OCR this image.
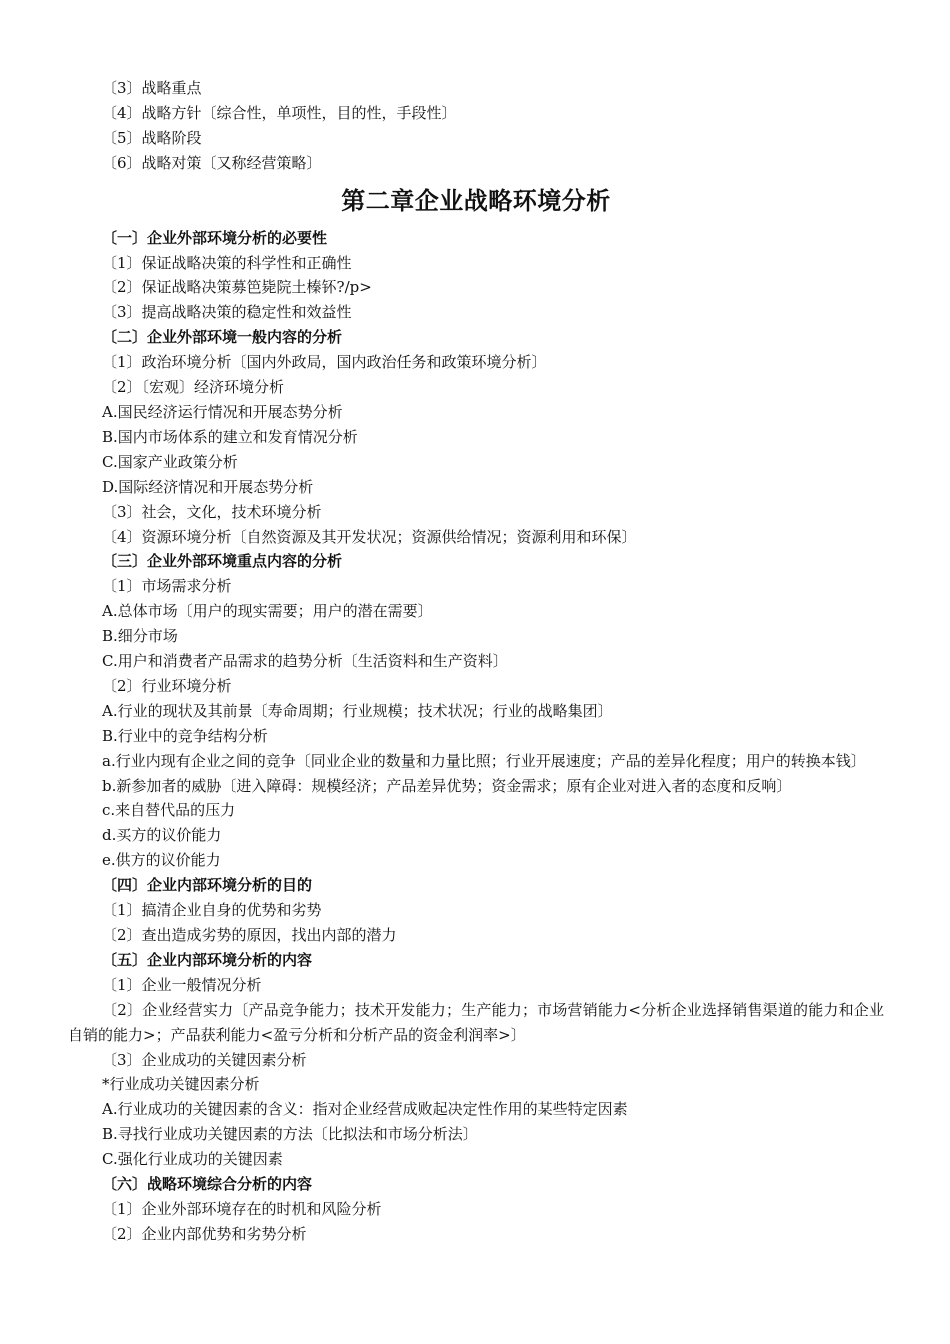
〔3〕战略重点

〔4〕战略方针〔综合性，单项性，目的性，手段性〕

〔5〕战略阶段

〔6〕战略对策〔又称经营策略〕

第二章企业战略环境分析

〔一〕企业外部环境分析的必要性

〔1〕保证战略决策的科学性和正确性

〔2〕保证战略决策募笆毙院土榛钚?/p>

〔3〕提高战略决策的稳定性和效益性

〔二〕企业外部环境一般内容的分析

〔1〕政治环境分析〔国内外政局，国内政治任务和政策环境分析〕

〔2〕〔宏观〕经济环境分析

A.国民经济运行情况和开展态势分析

B.国内市场体系的建立和发育情况分析

C.国家产业政策分析

D.国际经济情况和开展态势分析

〔3〕社会，文化，技术环境分析

〔4〕资源环境分析〔自然资源及其开发状况；资源供给情况；资源利用和环保〕

〔三〕企业外部环境重点内容的分析

〔1〕市场需求分析

A.总体市场〔用户的现实需要；用户的潜在需要〕

B.细分市场

C.用户和消费者产品需求的趋势分析〔生活资料和生产资料〕

〔2〕行业环境分析

A.行业的现状及其前景〔寿命周期；行业规模；技术状况；行业的战略集团〕

B.行业中的竞争结构分析

a.行业内现有企业之间的竞争〔同业企业的数量和力量比照；行业开展速度；产品的差异化程度；用户的转换本钱〕

b.新参加者的威胁〔进入障碍：规模经济；产品差异优势；资金需求；原有企业对进入者的态度和反响〕

c.来自替代品的压力

d.买方的议价能力

e.供方的议价能力

〔四〕企业内部环境分析的目的

〔1〕搞清企业自身的优势和劣势

〔2〕查出造成劣势的原因，找出内部的潜力

〔五〕企业内部环境分析的内容

〔1〕企业一般情况分析

〔2〕企业经营实力〔产品竞争能力；技术开发能力；生产能力；市场营销能力<分析企业选择销售渠道的能力和企业自销的能力>；产品获利能力<盈亏分析和分析产品的资金利润率>〕

〔3〕企业成功的关键因素分析

*行业成功关键因素分析

A.行业成功的关键因素的含义：指对企业经营成败起决定性作用的某些特定因素

B.寻找行业成功关键因素的方法〔比拟法和市场分析法〕

C.强化行业成功的关键因素

〔六〕战略环境综合分析的内容

〔1〕企业外部环境存在的时机和风险分析

〔2〕企业内部优势和劣势分析
